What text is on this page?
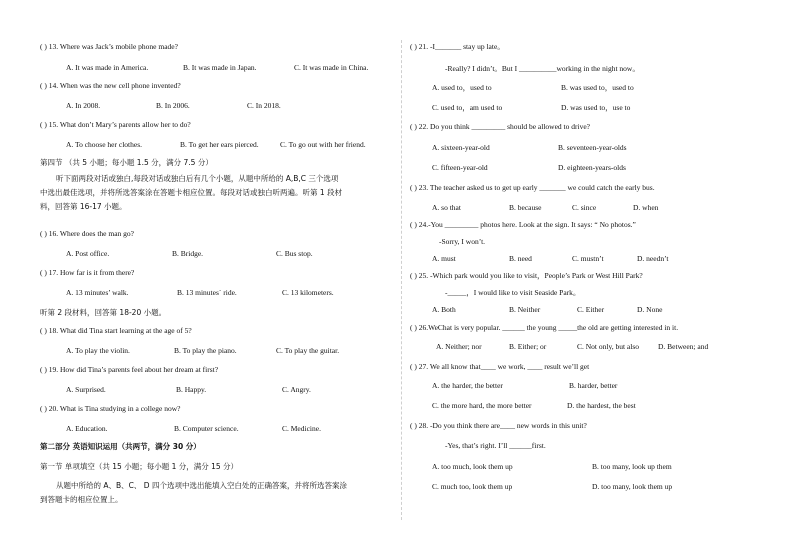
( ) 13. Where was Jack’s mobile phone made?
A. It was made in America.	B. It was made in Japan.	C. It was made in China.
( ) 14. When was the new cell phone invented?
A. In 2008.	B. In 2006.	C. In 2018.
( ) 15. What don’t Mary’s parents allow her to do?
A. To choose her clothes.	B. To get her ears pierced.	C. To go out with her friend.
第四节 （共 5 小题；每小题 1.5 分，满分 7.5 分）
听下面两段对话或独白,每段对话或独白后有几个小题，从题中所给的 A,B,C 三个选项
中选出最佳选项，并将所选答案涂在答题卡相应位置。每段对话或独白听两遍。听第 1 段材
料，回答第 16-17 小题。
( ) 16. Where does the man go?
A. Post office.	B. Bridge.	C. Bus stop.
( ) 17. How far is it from there?
A. 13 minutes’ walk.	B. 13 minutes` ride.	C. 13 kilometers.
听第 2 段材料，回答第 18-20 小题。
( ) 18. What did Tina start learning at the age of 5?
A. To play the violin.	B. To play the piano.	C. To play the guitar.
( ) 19. How did Tina’s parents feel about her dream at first?
A. Surprised.	B. Happy.	C. Angry.
( ) 20. What is Tina studying in a college now?
A. Education.	B. Computer science.	C. Medicine.
第二部分 英语知识运用（共两节，满分 30 分）
第一节 单项填空（共 15 小题；每小题 1 分，满分 15 分）
从题中所给的 A、B、C、 D 四个选项中选出能填入空白处的正确答案，并将所选答案涂
到答题卡的相应位置上。
( ) 21. -I_______ stay up late。
-Really? I didn’t。But I __________working in the night now。
A. used to，used to	B. was used to，used to
C. used to，am used to	D. was used to，use to
( ) 22. Do you think _________ should be allowed to drive?
A. sixteen-year-old	B. seventeen-year-olds
C. fifteen-year-old	D. eighteen-years-olds
( ) 23. The teacher asked us to get up early _______ we could catch the early bus.
A. so that	B. because	C. since	D. when
( ) 24.-You _________ photos here. Look at the sign. It says: “ No photos.”
-Sorry, I won’t.
A. must	B. need	C. mustn’t	D. needn’t
( ) 25. -Which park would you like to visit，People’s Park or West Hill Park?
-_____，I would like to visit Seaside Park。
A. Both	B. Neither	C. Either	D. None
( ) 26.WeChat is very popular. ______ the young _____the old are getting interested in it.
A. Neither; nor	B. Either; or	C. Not only, but also	D. Between; and
( ) 27. We all know that____ we work, ____ result we’ll get
A. the harder, the better	B. harder, better
C. the more hard, the more better	D. the hardest, the best
( ) 28. -Do you think there are____ new words in this unit?
-Yes, that’s right. I’ll ______first.
A. too much, look them up	B. too many, look up them
C. much too, look them up	D. too many, look them up
